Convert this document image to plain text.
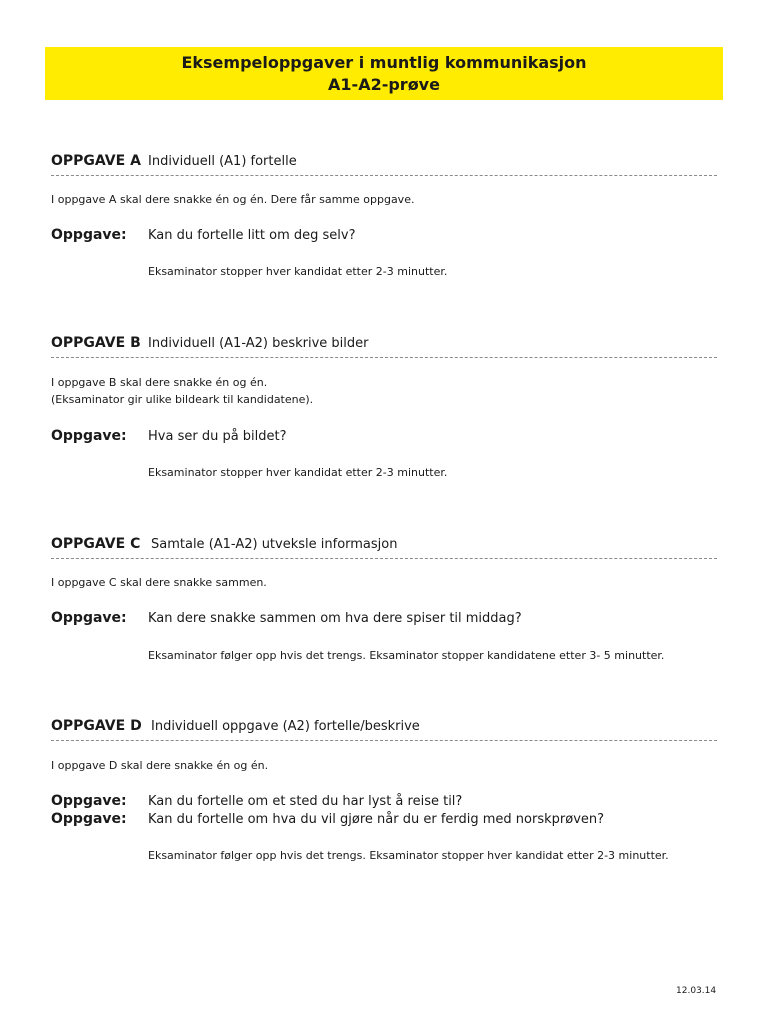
Eksempeloppgaver i muntlig kommunikasjon
A1-A2-prøve
OPPGAVE A Individuell (A1) fortelle
I oppgave A skal dere snakke én og én. Dere får samme oppgave.
Oppgave: Kan du fortelle litt om deg selv?
Eksaminator stopper hver kandidat etter 2-3 minutter.
OPPGAVE B Individuell (A1-A2) beskrive bilder
I oppgave B skal dere snakke én og én.
(Eksaminator gir ulike bildeark til kandidatene).
Oppgave: Hva ser du på bildet?
Eksaminator stopper hver kandidat etter 2-3 minutter.
OPPGAVE C Samtale (A1-A2) utveksle informasjon
I oppgave C skal dere snakke sammen.
Oppgave: Kan dere snakke sammen om hva dere spiser til middag?
Eksaminator følger opp hvis det trengs. Eksaminator stopper kandidatene etter 3- 5 minutter.
OPPGAVE D Individuell oppgave (A2) fortelle/beskrive
I oppgave D skal dere snakke én og én.
Oppgave: Kan du fortelle om et sted du har lyst å reise til?
Oppgave: Kan du fortelle om hva du vil gjøre når du er ferdig med norskprøven?
Eksaminator følger opp hvis det trengs. Eksaminator stopper hver kandidat etter 2-3 minutter.
12.03.14
